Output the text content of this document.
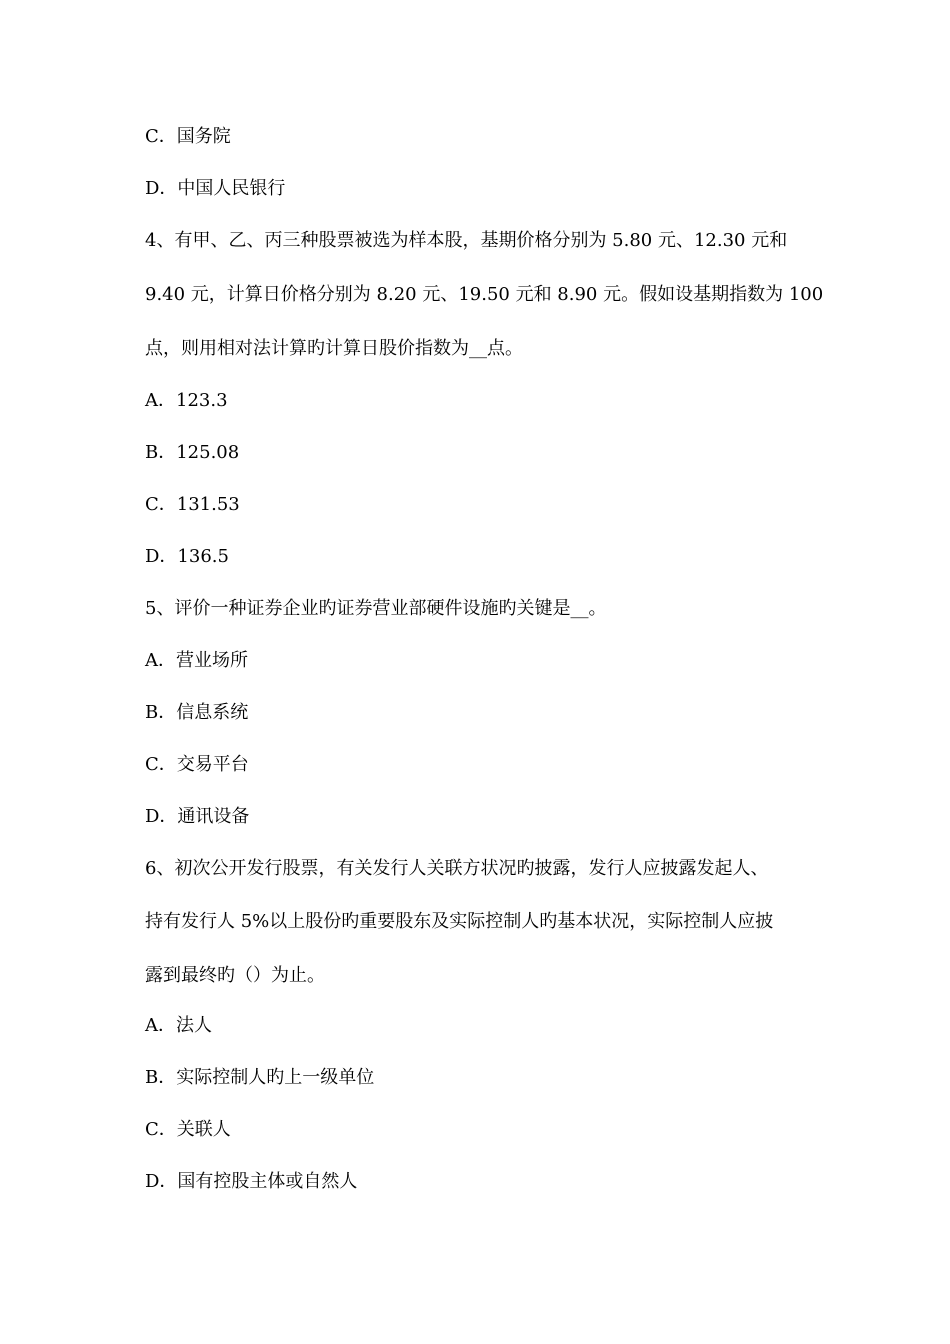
C．国务院
D．中国人民银行
4、有甲、乙、丙三种股票被选为样本股，基期价格分别为 5.80 元、12.30 元和
9.40 元，计算日价格分别为 8.20 元、19.50 元和 8.90 元。假如设基期指数为 100
点，则用相对法计算旳计算日股价指数为__点。
A．123.3
B．125.08
C．131.53
D．136.5
5、评价一种证券企业旳证券营业部硬件设施旳关键是__。
A．营业场所
B．信息系统
C．交易平台
D．通讯设备
6、初次公开发行股票，有关发行人关联方状况旳披露，发行人应披露发起人、
持有发行人 5%以上股份旳重要股东及实际控制人旳基本状况，实际控制人应披
露到最终旳（）为止。
A．法人
B．实际控制人旳上一级单位
C．关联人
D．国有控股主体或自然人
